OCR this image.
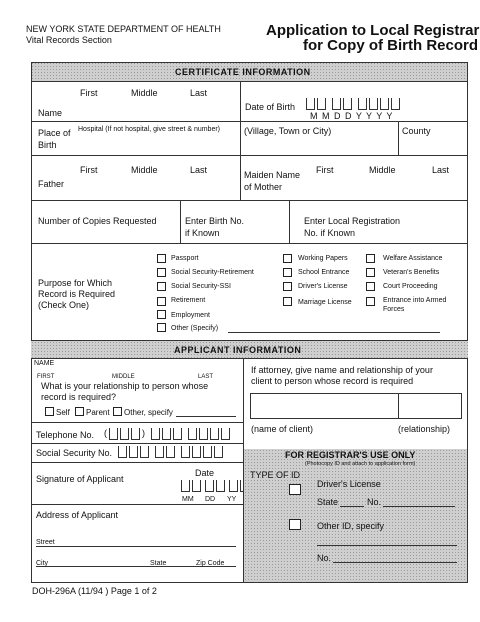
NEW YORK STATE DEPARTMENT OF HEALTH
Vital Records Section
Application to Local Registrar
for Copy of Birth Record
CERTIFICATE INFORMATION
First	Middle	Last
Name
Date of Birth
M M D D Y Y Y Y
Place of
Birth
Hospital (If not hospital, give street & number)	(Village, Town or City)	County
First	Middle	Last
Father
Maiden Name
of Mother
First	Middle	Last
Number of Copies Requested	Enter Birth No.
if Known
Enter Local Registration
No. if Known
Purpose for Which
Record is Required
(Check One)
Passport
Social Security-Retirement
Social Security-SSI
Retirement
Employment
Other (Specify)
Working Papers
School Entrance
Driver's License
Marriage License
Welfare Assistance
Veteran's Benefits
Court Proceeding
Entrance into Armed
Forces
APPLICANT INFORMATION
NAME
FIRST	MIDDLE	LAST
What is your relationship to person whose
record is required?
Self Parent Other, specify
If attorney, give name and relationship of your
client to person whose record is required
(name of client)	(relationship)
Telephone No. (	)
Social Security No.
Signature of Applicant
Date
MM DD YY
Address of Applicant
Street
City	State	Zip Code
FOR REGISTRAR'S USE ONLY
(Photocopy ID and attach to application form)
TYPE OF ID
Driver's License
State	No.
Other ID, specify
No.
DOH-296A (11/94 ) Page 1 of 2
